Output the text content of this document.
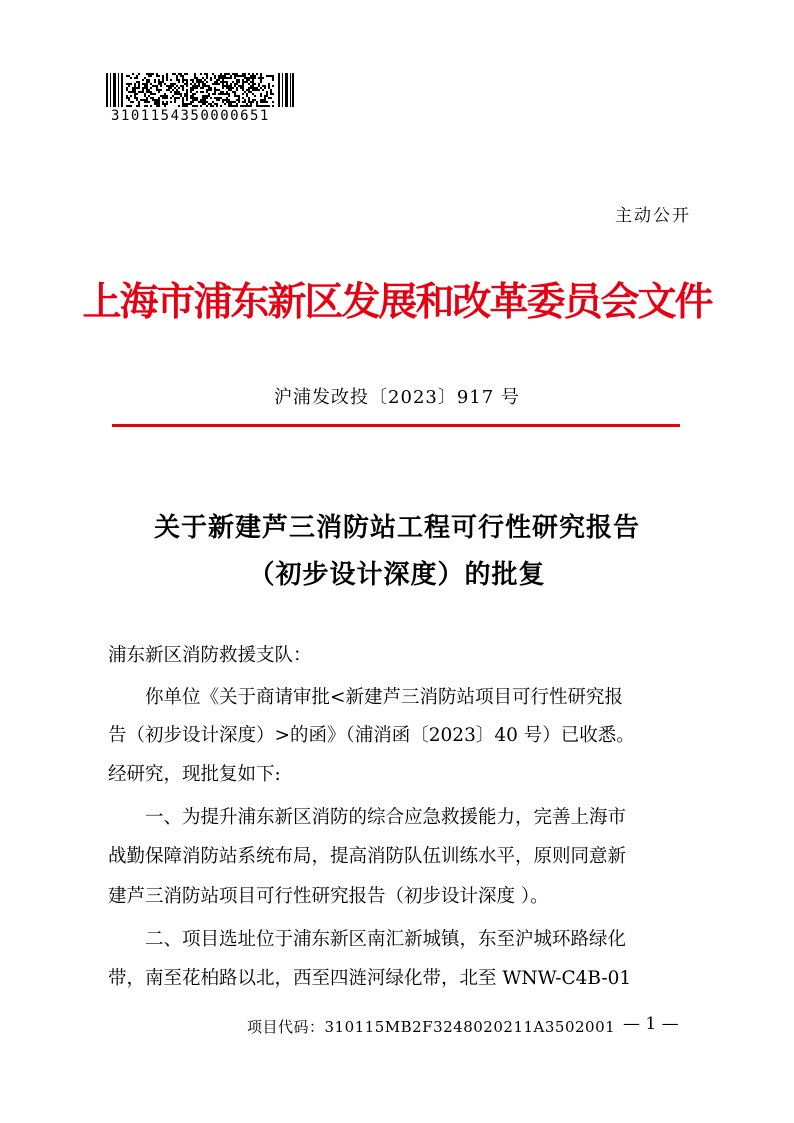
3101154350000651
主动公开
上海市浦东新区发展和改革委员会文件
沪浦发改投〔2023〕917 号
关于新建芦三消防站工程可行性研究报告
（初步设计深度）的批复
浦东新区消防救援支队：
你单位《关于商请审批<新建芦三消防站项目可行性研究报
告（初步设计深度）>的函》（浦消函〔2023〕40 号）已收悉。
经研究，现批复如下:
一、为提升浦东新区消防的综合应急救援能力，完善上海市
战勤保障消防站系统布局，提高消防队伍训练水平，原则同意新
建芦三消防站项目可行性研究报告（初步设计深度 ）。
二、项目选址位于浦东新区南汇新城镇，东至沪城环路绿化
带，南至花柏路以北，西至四涟河绿化带，北至 WNW-C4B-01
项目代码：310115MB2F3248020211A3502001 — 1 —
